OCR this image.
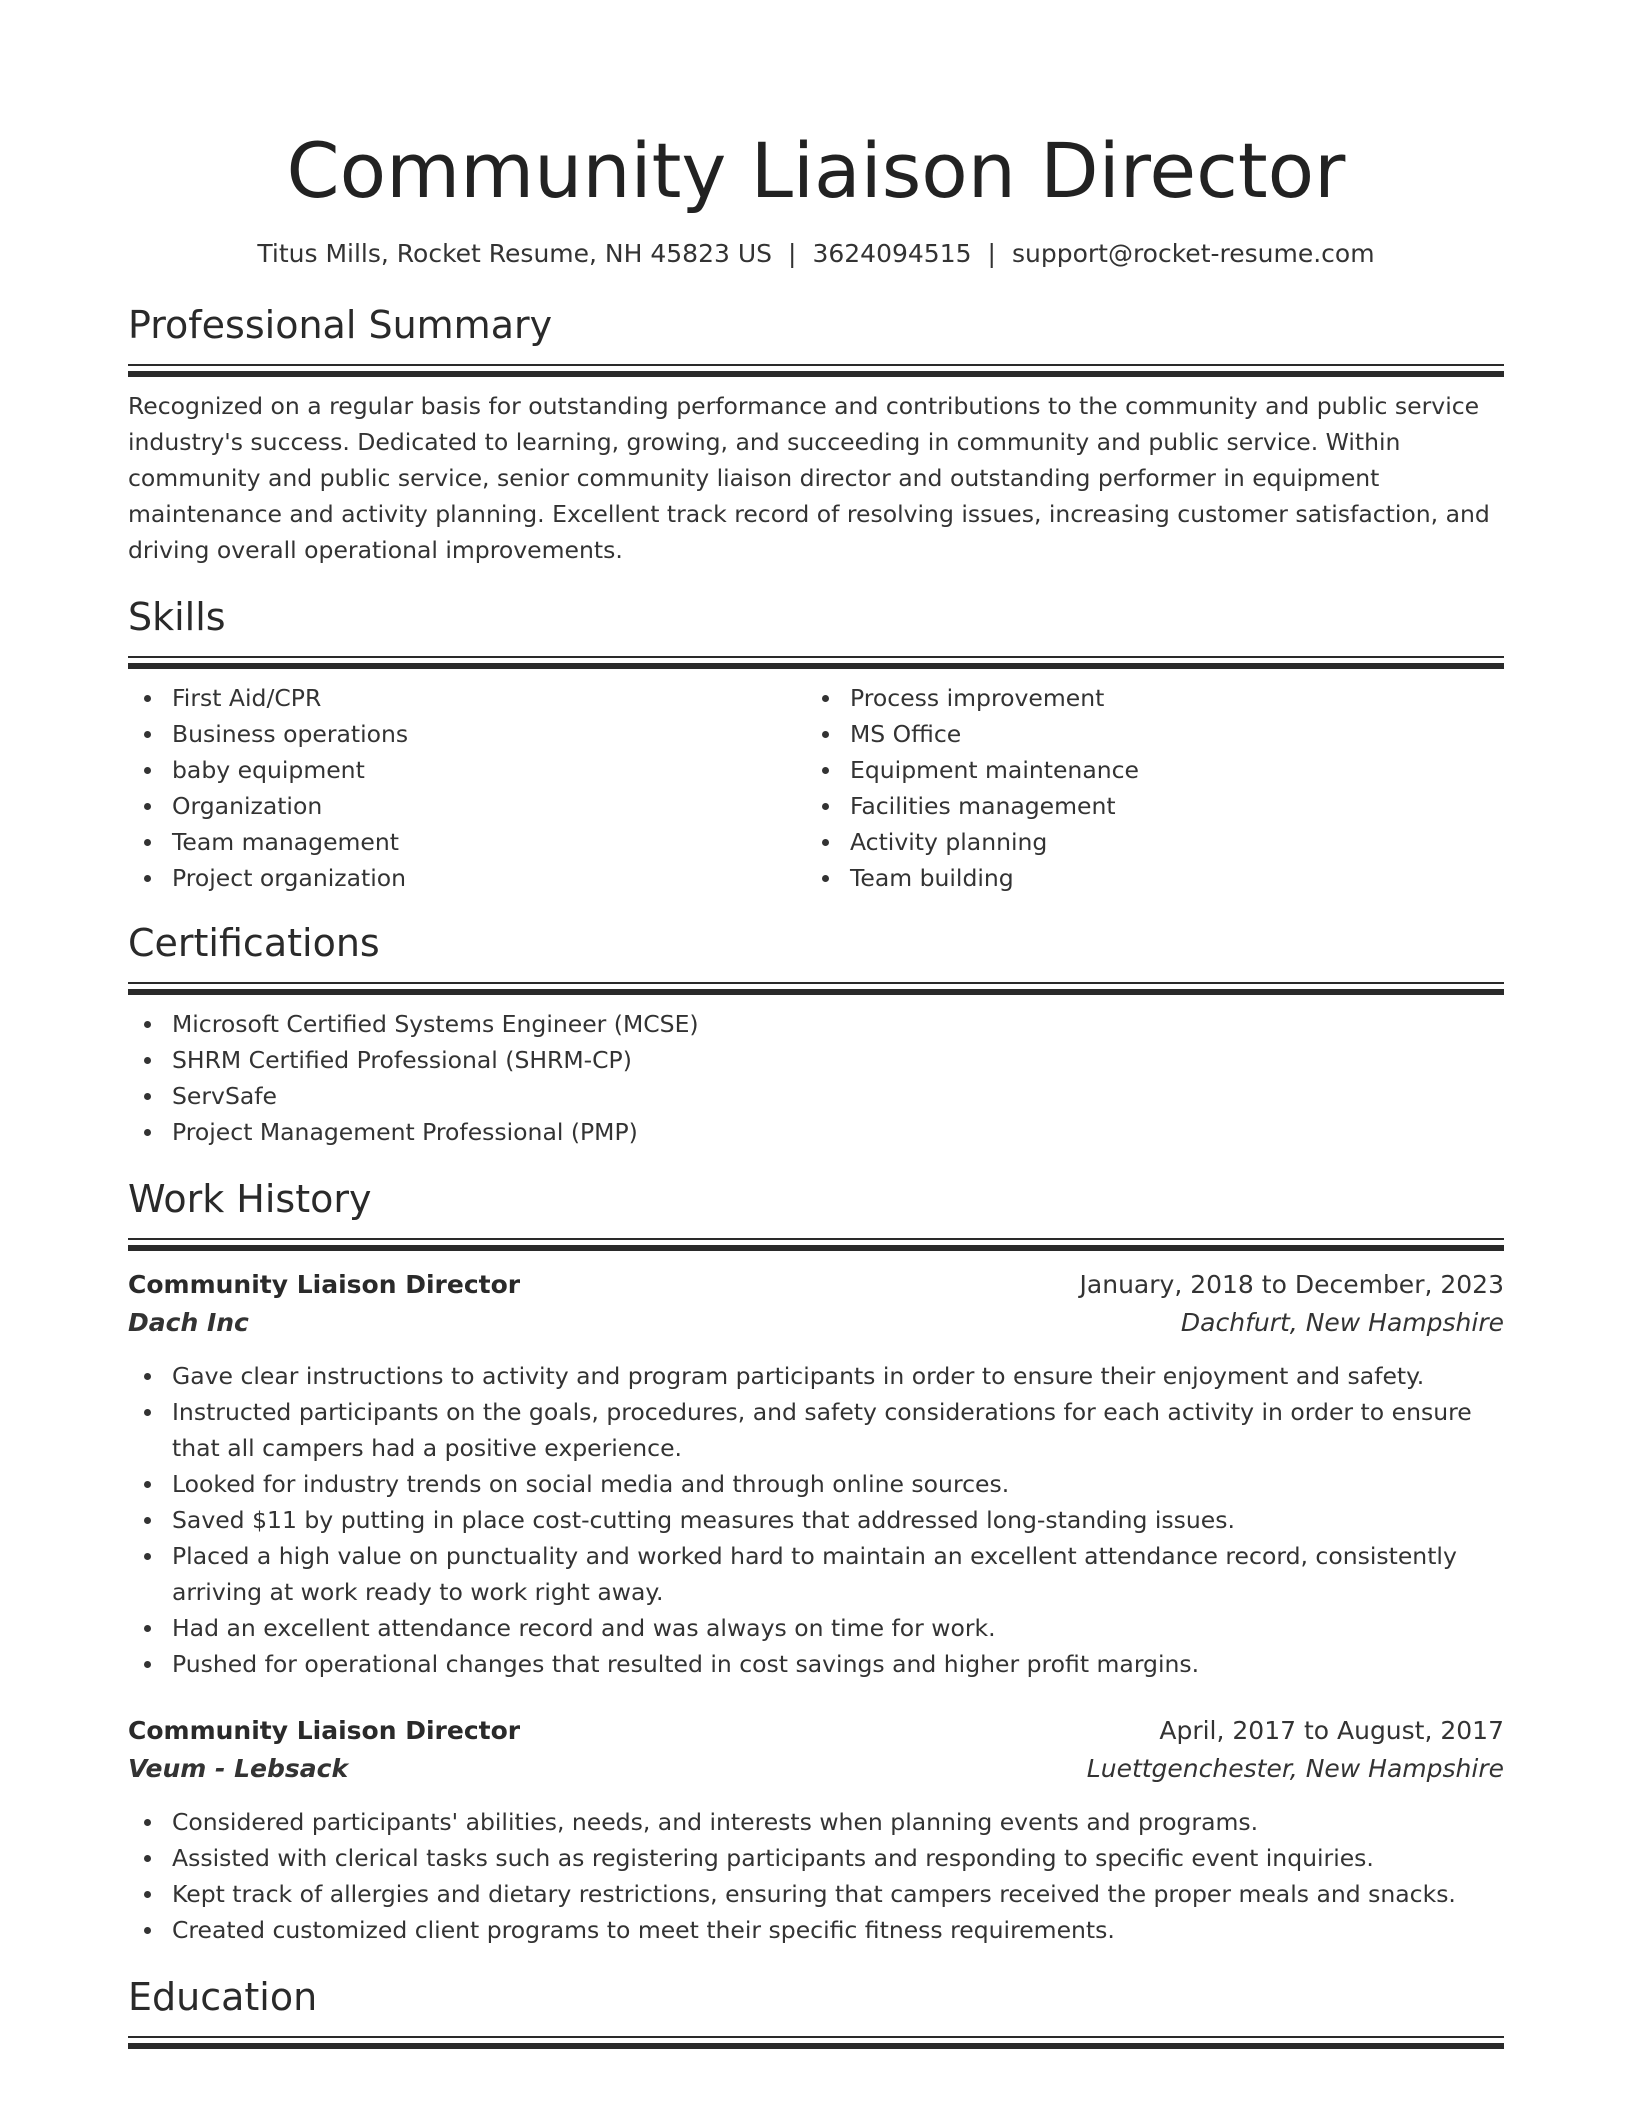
Community Liaison Director
Titus Mills, Rocket Resume, NH 45823 US | 3624094515 | support@rocket-resume.com
Professional Summary

Recognized on a regular basis for outstanding performance and contributions to the community and public service industry's success. Dedicated to learning, growing, and succeeding in community and public service. Within community and public service, senior community liaison director and outstanding performer in equipment maintenance and activity planning. Excellent track record of resolving issues, increasing customer satisfaction, and driving overall operational improvements.

Skills
First Aid/CPR
Business operations
baby equipment
Organization
Team management
Project organization
Process improvement
MS Office
Equipment maintenance
Facilities management
Activity planning
Team building
Certifications
Microsoft Certified Systems Engineer (MCSE)
SHRM Certified Professional (SHRM-CP)
ServSafe
Project Management Professional (PMP)
Work History
Community Liaison Director	January, 2018 to December, 2023
Dach Inc	Dachfurt, New Hampshire
Gave clear instructions to activity and program participants in order to ensure their enjoyment and safety.
Instructed participants on the goals, procedures, and safety considerations for each activity in order to ensure that all campers had a positive experience.
Looked for industry trends on social media and through online sources.
Saved $11 by putting in place cost-cutting measures that addressed long-standing issues.
Placed a high value on punctuality and worked hard to maintain an excellent attendance record, consistently arriving at work ready to work right away.
Had an excellent attendance record and was always on time for work.
Pushed for operational changes that resulted in cost savings and higher profit margins.
Community Liaison Director	April, 2017 to August, 2017
Veum - Lebsack	Luettgenchester, New Hampshire
Considered participants' abilities, needs, and interests when planning events and programs.
Assisted with clerical tasks such as registering participants and responding to specific event inquiries.
Kept track of allergies and dietary restrictions, ensuring that campers received the proper meals and snacks.
Created customized client programs to meet their specific fitness requirements.
Education
